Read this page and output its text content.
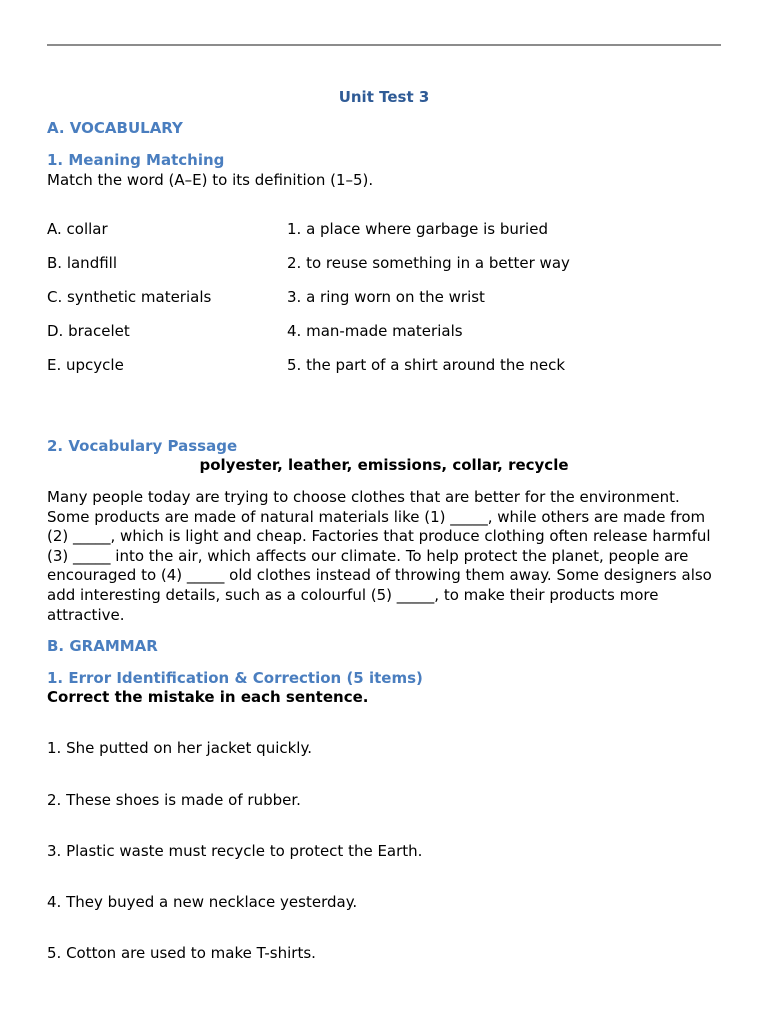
Unit Test 3
A. VOCABULARY
1. Meaning Matching
Match the word (A–E) to its definition (1–5).
A. collar
B. landfill
C. synthetic materials
D. bracelet
E. upcycle
1. a place where garbage is buried
2. to reuse something in a better way
3. a ring worn on the wrist
4. man-made materials
5. the part of a shirt around the neck
2. Vocabulary Passage
polyester, leather, emissions, collar, recycle
Many people today are trying to choose clothes that are better for the environment. Some products are made of natural materials like (1) _____, while others are made from (2) _____, which is light and cheap. Factories that produce clothing often release harmful (3) _____ into the air, which affects our climate. To help protect the planet, people are encouraged to (4) _____ old clothes instead of throwing them away. Some designers also add interesting details, such as a colourful (5) _____, to make their products more attractive.
B. GRAMMAR
1. Error Identification & Correction (5 items)
Correct the mistake in each sentence.
1. She putted on her jacket quickly.
2. These shoes is made of rubber.
3. Plastic waste must recycle to protect the Earth.
4. They buyed a new necklace yesterday.
5. Cotton are used to make T-shirts.
